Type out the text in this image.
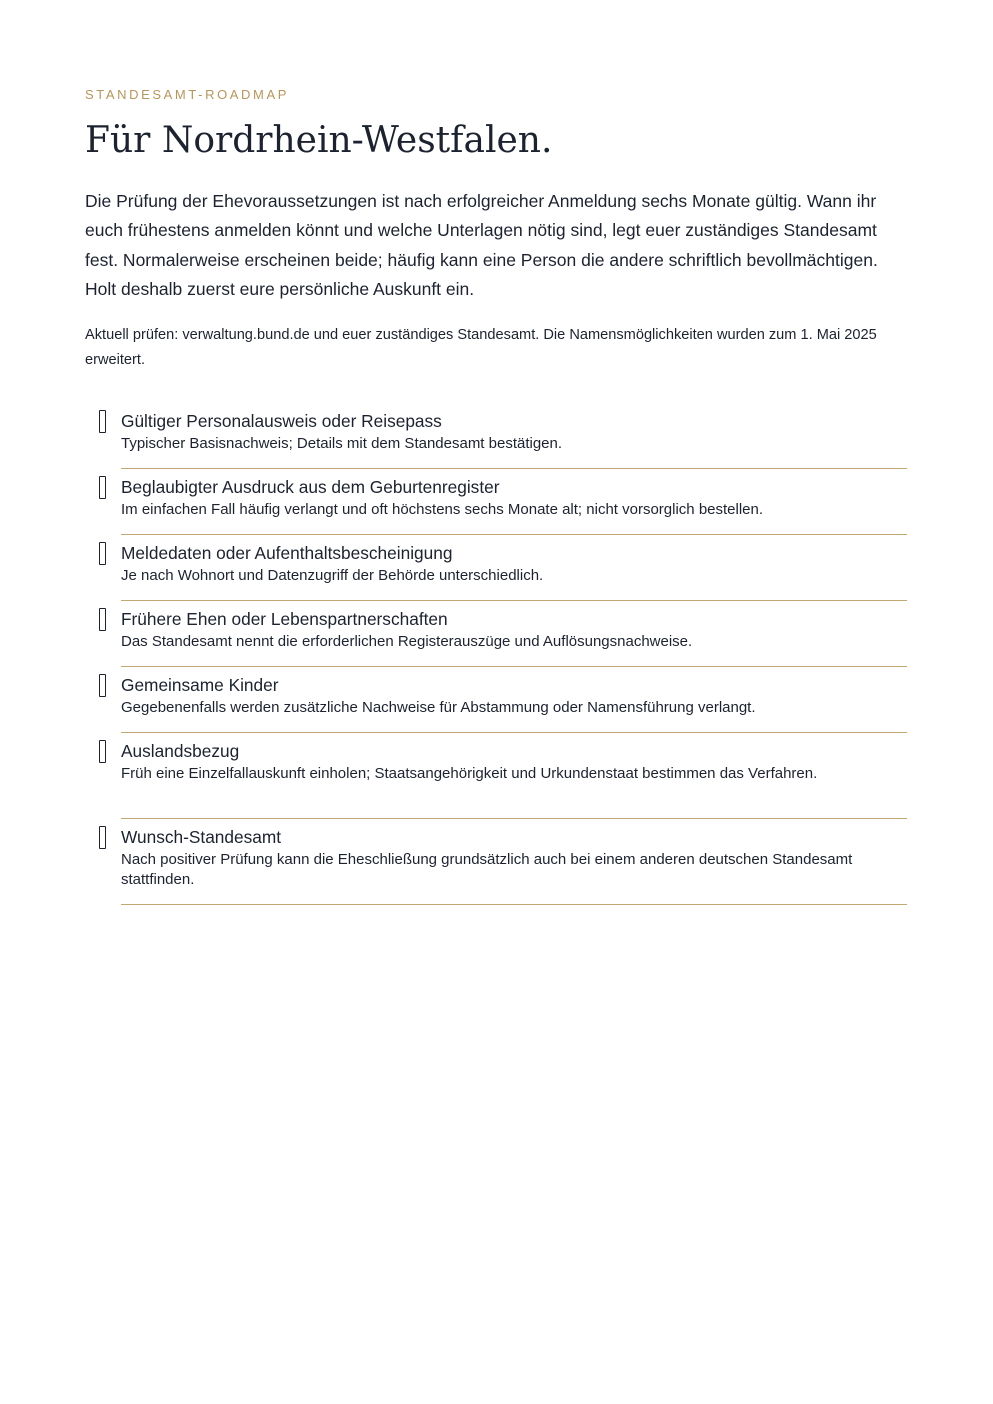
STANDESAMT-ROADMAP
Für Nordrhein-Westfalen.

Die Prüfung der Ehevoraussetzungen ist nach erfolgreicher Anmeldung sechs Monate gültig. Wann ihr euch frühestens anmelden könnt und welche Unterlagen nötig sind, legt euer zuständiges Standesamt fest. Normalerweise erscheinen beide; häufig kann eine Person die andere schriftlich bevollmächtigen. Holt deshalb zuerst eure persönliche Auskunft ein.

Aktuell prüfen: verwaltung.bund.de und euer zuständiges Standesamt. Die Namensmöglichkeiten wurden zum 1. Mai 2025 erweitert.

Gültiger Personalausweis oder Reisepass
Typischer Basisnachweis; Details mit dem Standesamt bestätigen.
Beglaubigter Ausdruck aus dem Geburtenregister
Im einfachen Fall häufig verlangt und oft höchstens sechs Monate alt; nicht vorsorglich bestellen.
Meldedaten oder Aufenthaltsbescheinigung
Je nach Wohnort und Datenzugriff der Behörde unterschiedlich.
Frühere Ehen oder Lebenspartnerschaften
Das Standesamt nennt die erforderlichen Registerauszüge und Auflösungsnachweise.
Gemeinsame Kinder
Gegebenenfalls werden zusätzliche Nachweise für Abstammung oder Namensführung verlangt.
Auslandsbezug
Früh eine Einzelfallauskunft einholen; Staatsangehörigkeit und Urkundenstaat bestimmen das Verfahren.
Wunsch-Standesamt
Nach positiver Prüfung kann die Eheschließung grundsätzlich auch bei einem anderen deutschen Standesamt stattfinden.
